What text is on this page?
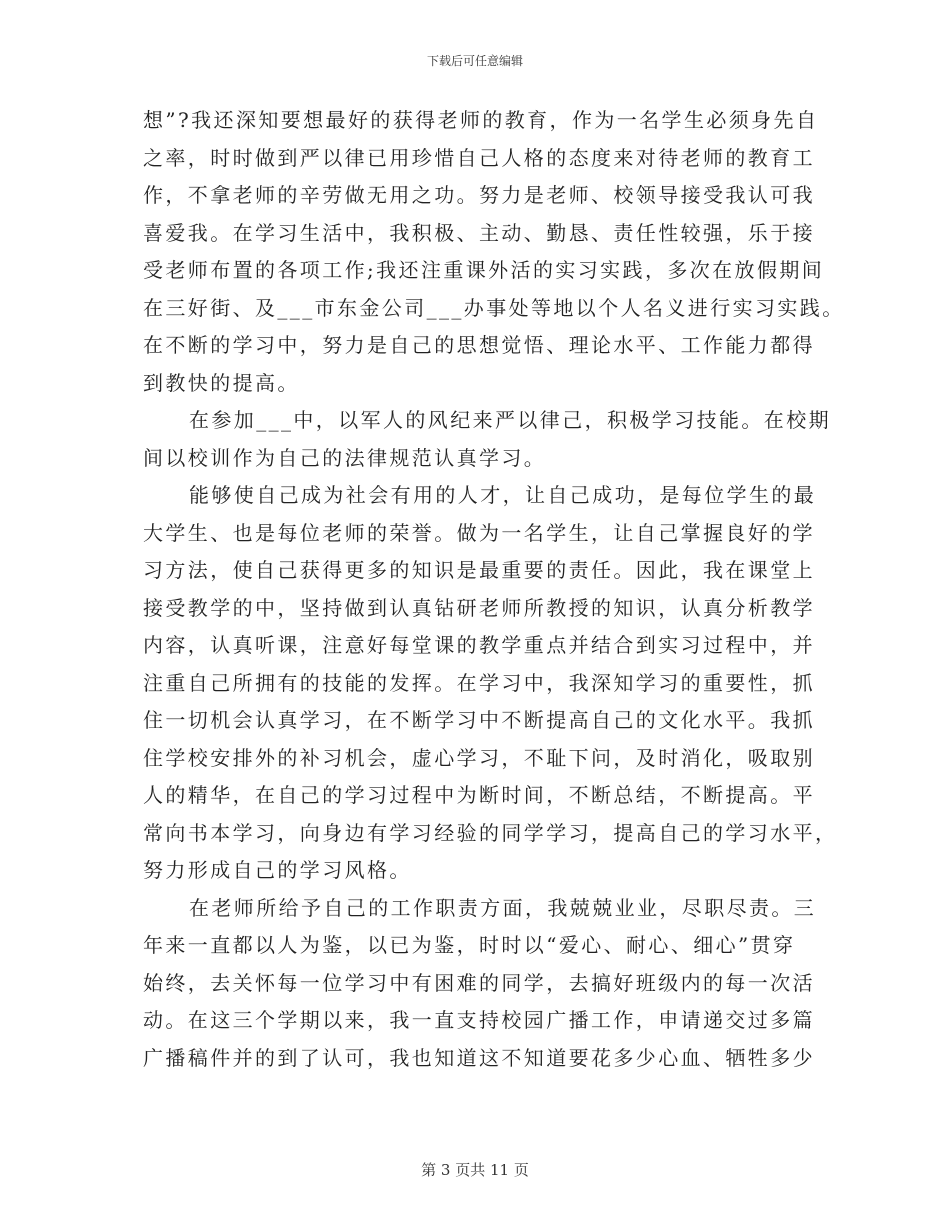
下载后可任意编辑
想”?我还深知要想最好的获得老师的教育，作为一名学生必须身先自
之率，时时做到严以律已用珍惜自己人格的态度来对待老师的教育工
作，不拿老师的辛劳做无用之功。努力是老师、校领导接受我认可我
喜爱我。在学习生活中，我积极、主动、勤恳、责任性较强，乐于接
受老师布置的各项工作;我还注重课外活的实习实践，多次在放假期间
在三好街、及___市东金公司___办事处等地以个人名义进行实习实践。
在不断的学习中，努力是自己的思想觉悟、理论水平、工作能力都得
到教快的提高。
在参加___中，以军人的风纪来严以律己，积极学习技能。在校期
间以校训作为自己的法律规范认真学习。
能够使自己成为社会有用的人才，让自己成功，是每位学生的最
大学生、也是每位老师的荣誉。做为一名学生，让自己掌握良好的学
习方法，使自己获得更多的知识是最重要的责任。因此，我在课堂上
接受教学的中，坚持做到认真钻研老师所教授的知识，认真分析教学
内容，认真听课，注意好每堂课的教学重点并结合到实习过程中，并
注重自己所拥有的技能的发挥。在学习中，我深知学习的重要性，抓
住一切机会认真学习，在不断学习中不断提高自己的文化水平。我抓
住学校安排外的补习机会，虚心学习，不耻下问，及时消化，吸取别
人的精华，在自己的学习过程中为断时间，不断总结，不断提高。平
常向书本学习，向身边有学习经验的同学学习，提高自己的学习水平，
努力形成自己的学习风格。
在老师所给予自己的工作职责方面，我兢兢业业，尽职尽责。三
年来一直都以人为鉴，以已为鉴，时时以“爱心、耐心、细心”贯穿
始终，去关怀每一位学习中有困难的同学，去搞好班级内的每一次活
动。在这三个学期以来，我一直支持校园广播工作，申请递交过多篇
广播稿件并的到了认可，我也知道这不知道要花多少心血、牺牲多少
第 3 页共 11 页
